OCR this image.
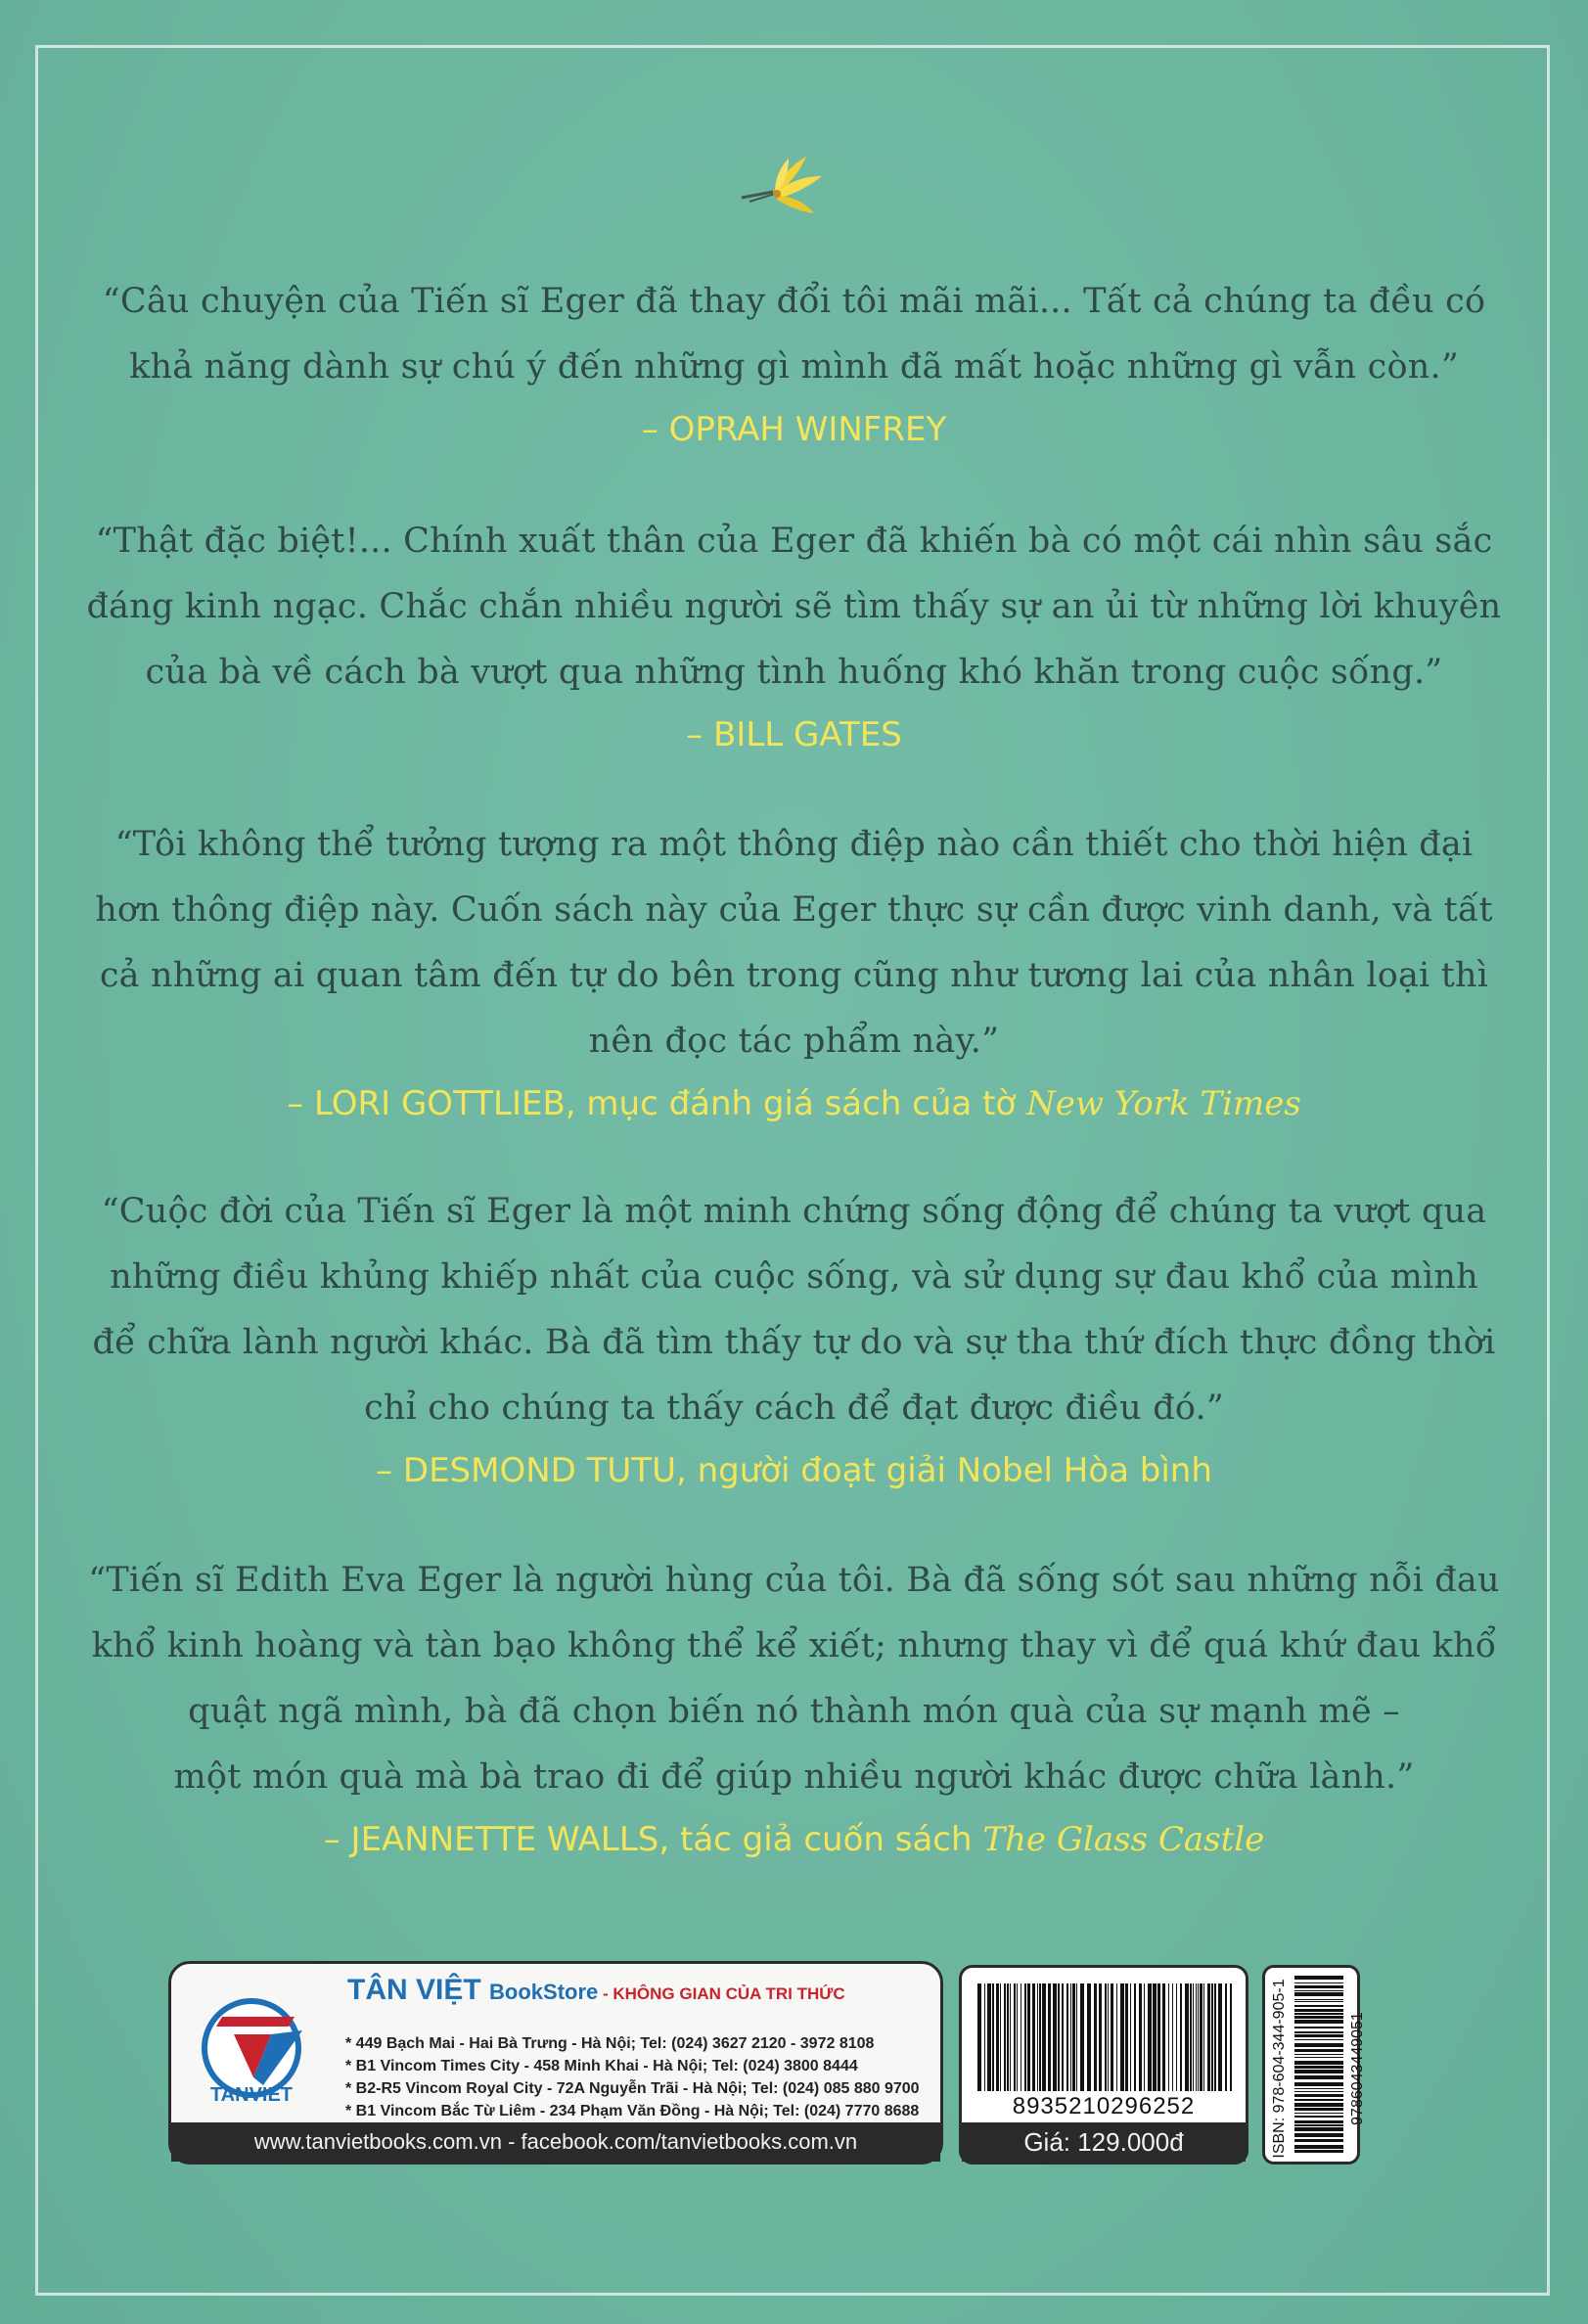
“Câu chuyện của Tiến sĩ Eger đã thay đổi tôi mãi mãi... Tất cả chúng ta đều có
khả năng dành sự chú ý đến những gì mình đã mất hoặc những gì vẫn còn.”

– OPRAH WINFREY

“Thật đặc biệt!... Chính xuất thân của Eger đã khiến bà có một cái nhìn sâu sắc
đáng kinh ngạc. Chắc chắn nhiều người sẽ tìm thấy sự an ủi từ những lời khuyên
của bà về cách bà vượt qua những tình huống khó khăn trong cuộc sống.”

– BILL GATES

“Tôi không thể tưởng tượng ra một thông điệp nào cần thiết cho thời hiện đại
hơn thông điệp này. Cuốn sách này của Eger thực sự cần được vinh danh, và tất
cả những ai quan tâm đến tự do bên trong cũng như tương lai của nhân loại thì
nên đọc tác phẩm này.”

– LORI GOTTLIEB, mục đánh giá sách của tờ New York Times

“Cuộc đời của Tiến sĩ Eger là một minh chứng sống động để chúng ta vượt qua
những điều khủng khiếp nhất của cuộc sống, và sử dụng sự đau khổ của mình
để chữa lành người khác. Bà đã tìm thấy tự do và sự tha thứ đích thực đồng thời
chỉ cho chúng ta thấy cách để đạt được điều đó.”

– DESMOND TUTU, người đoạt giải Nobel Hòa bình

“Tiến sĩ Edith Eva Eger là người hùng của tôi. Bà đã sống sót sau những nỗi đau
khổ kinh hoàng và tàn bạo không thể kể xiết; nhưng thay vì để quá khứ đau khổ
quật ngã mình, bà đã chọn biến nó thành món quà của sự mạnh mẽ –
một món quà mà bà trao đi để giúp nhiều người khác được chữa lành.”

– JEANNETTE WALLS, tác giả cuốn sách The Glass Castle

TANVIET
TÂN VIỆT BookStore - KHÔNG GIAN CỦA TRI THỨC
* 449 Bạch Mai - Hai Bà Trưng - Hà Nội; Tel: (024) 3627 2120 - 3972 8108
* B1 Vincom Times City - 458 Minh Khai - Hà Nội; Tel: (024) 3800 8444
* B2-R5 Vincom Royal City - 72A Nguyễn Trãi - Hà Nội; Tel: (024) 085 880 9700
* B1 Vincom Bắc Từ Liêm - 234 Phạm Văn Đồng - Hà Nội; Tel: (024) 7770 8688
www.tanvietbooks.com.vn - facebook.com/tanvietbooks.com.vn
8935210296252
Giá: 129.000đ	ISBN: 978-604-344-905-1	9786043449051
